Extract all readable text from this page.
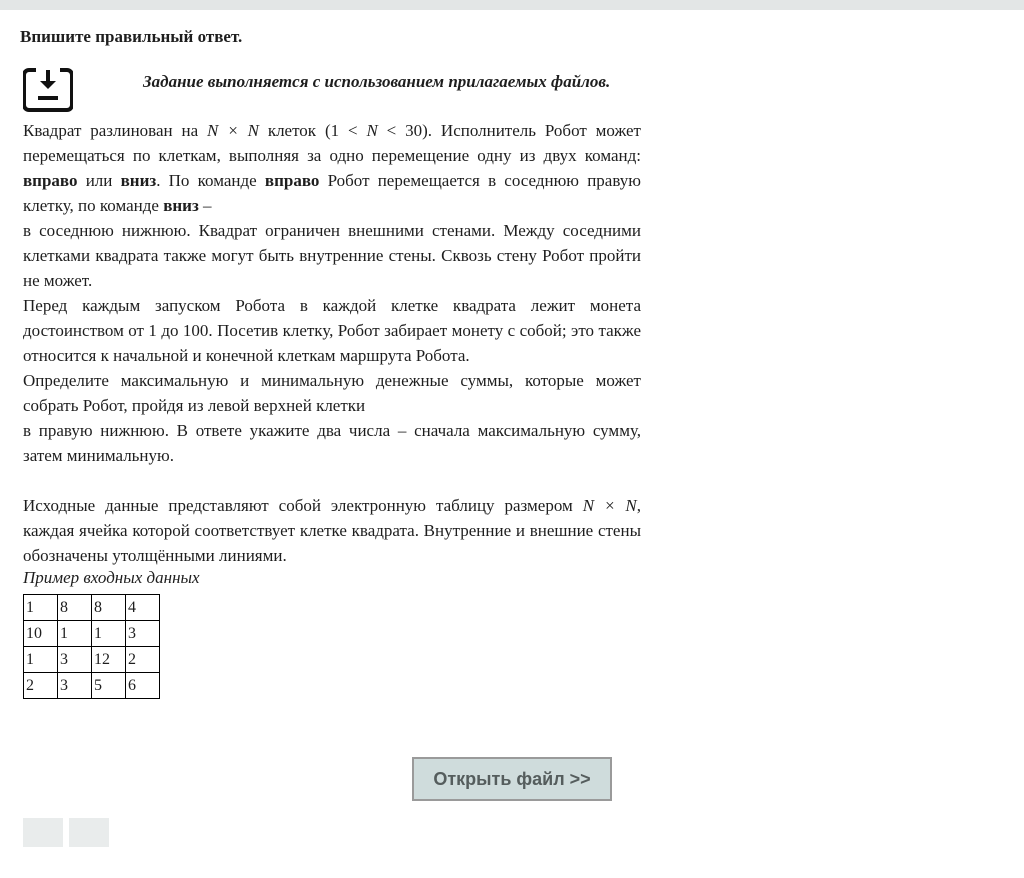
Впишите правильный ответ.
Задание выполняется с использованием прилагаемых файлов.

Квадрат разлинован на N × N клеток (1 < N < 30). Исполнитель Робот может перемещаться по клеткам, выполняя за одно перемещение одну из двух команд: вправо или вниз. По команде вправо Робот перемещается в соседнюю правую клетку, по команде вниз –

в соседнюю нижнюю. Квадрат ограничен внешними стенами. Между соседними клетками квадрата также могут быть внутренние стены. Сквозь стену Робот пройти не может.

Перед каждым запуском Робота в каждой клетке квадрата лежит монета достоинством от 1 до 100. Посетив клетку, Робот забирает монету с собой; это также относится к начальной и конечной клеткам маршрута Робота.

Определите максимальную и минимальную денежные суммы, которые может собрать Робот, пройдя из левой верхней клетки

в правую нижнюю. В ответе укажите два числа – сначала максимальную сумму, затем минимальную.

Исходные данные представляют собой электронную таблицу размером N × N, каждая ячейка которой соответствует клетке квадрата. Внутренние и внешние стены обозначены утолщёнными линиями.

Пример входных данных
1	8	8	4
10	1	1	3
1	3	12	2
2	3	5	6
Открыть файл >>
